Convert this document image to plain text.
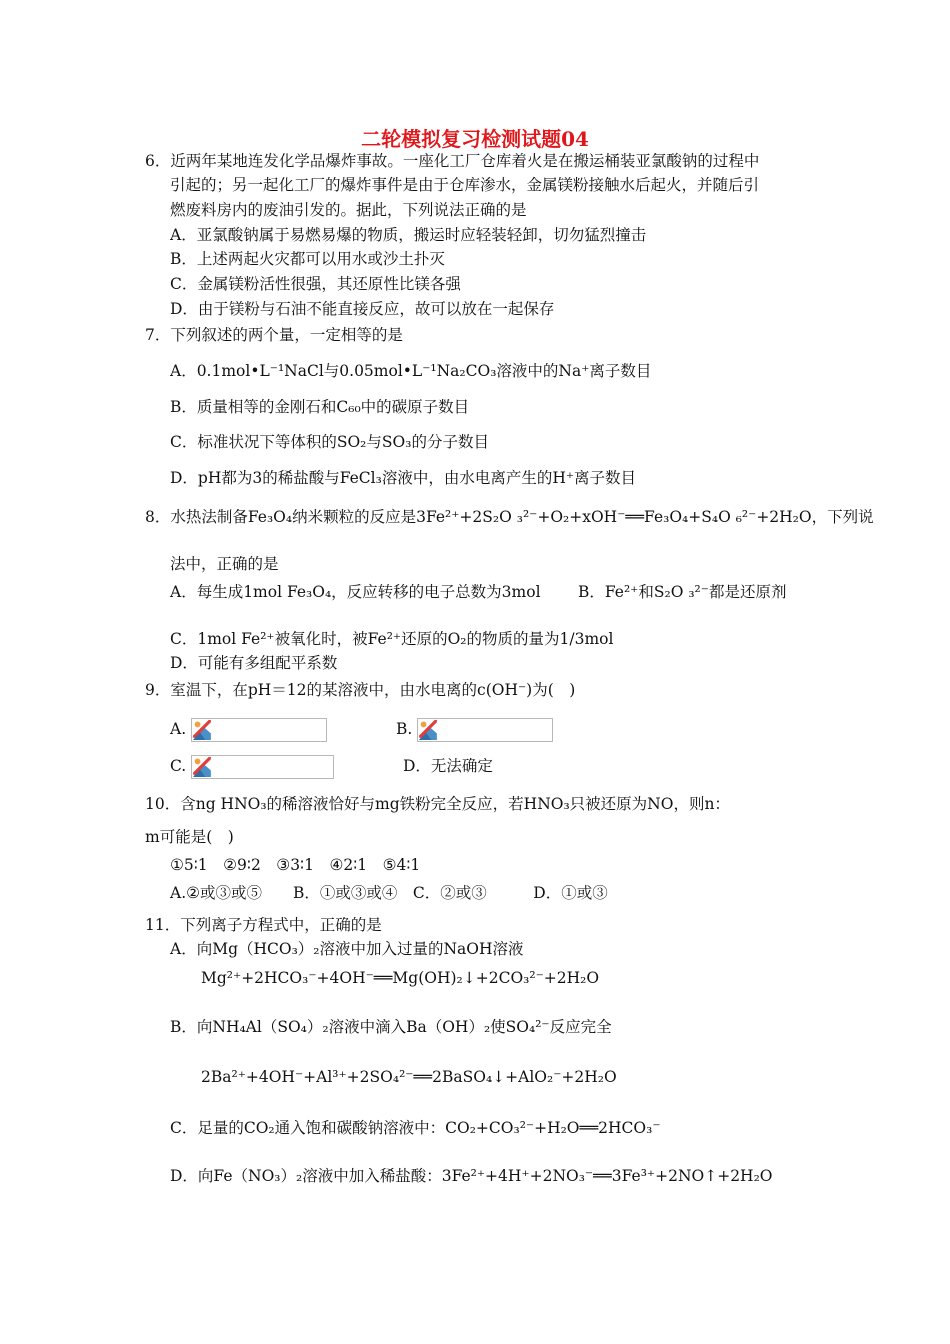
二轮模拟复习检测试题04
6．近两年某地连发化学品爆炸事故。一座化工厂仓库着火是在搬运桶装亚氯酸钠的过程中
引起的；另一起化工厂的爆炸事件是由于仓库渗水，金属镁粉接触水后起火，并随后引
燃废料房内的废油引发的。据此，下列说法正确的是
A．亚氯酸钠属于易燃易爆的物质，搬运时应轻装轻卸，切勿猛烈撞击
B．上述两起火灾都可以用水或沙土扑灭
C．金属镁粉活性很强，其还原性比镁各强
D．由于镁粉与石油不能直接反应，故可以放在一起保存
7．下列叙述的两个量，一定相等的是
A．0.1mol•L⁻¹NaCl与0.05mol•L⁻¹Na₂CO₃溶液中的Na⁺离子数目
B．质量相等的金刚石和C₆₀中的碳原子数目
C．标准状况下等体积的SO₂与SO₃的分子数目
D．pH都为3的稀盐酸与FeCl₃溶液中，由水电离产生的H⁺离子数目
8．水热法制备Fe₃O₄纳米颗粒的反应是3Fe²⁺+2S₂O ₃²⁻+O₂+xOH⁻══Fe₃O₄+S₄O ₆²⁻+2H₂O，下列说
法中，正确的是
A．每生成1mol Fe₃O₄，反应转移的电子总数为3mol B．Fe²⁺和S₂O ₃²⁻都是还原剂
C．1mol Fe²⁺被氧化时，被Fe²⁺还原的O₂的物质的量为1/3mol
D．可能有多组配平系数
9．室温下，在pH＝12的某溶液中，由水电离的c(OH⁻)为(　)
A.	B.
C.	D．无法确定
10．含ng HNO₃的稀溶液恰好与mg铁粉完全反应，若HNO₃只被还原为NO，则n：
m可能是(　)
①5∶1　②9∶2　③3∶1　④2∶1　⑤4∶1
A.②或③或⑤　　B．①或③或④　C．②或③　　　D．①或③
11．下列离子方程式中，正确的是
A．向Mg（HCO₃）₂溶液中加入过量的NaOH溶液
Mg²⁺+2HCO₃⁻+4OH⁻══Mg(OH)₂↓+2CO₃²⁻+2H₂O
B．向NH₄Al（SO₄）₂溶液中滴入Ba（OH）₂使SO₄²⁻反应完全
2Ba²⁺+4OH⁻+Al³⁺+2SO₄²⁻══2BaSO₄↓+AlO₂⁻+2H₂O
C．足量的CO₂通入饱和碳酸钠溶液中：CO₂+CO₃²⁻+H₂O══2HCO₃⁻
D．向Fe（NO₃）₂溶液中加入稀盐酸：3Fe²⁺+4H⁺+2NO₃⁻══3Fe³⁺+2NO↑+2H₂O
